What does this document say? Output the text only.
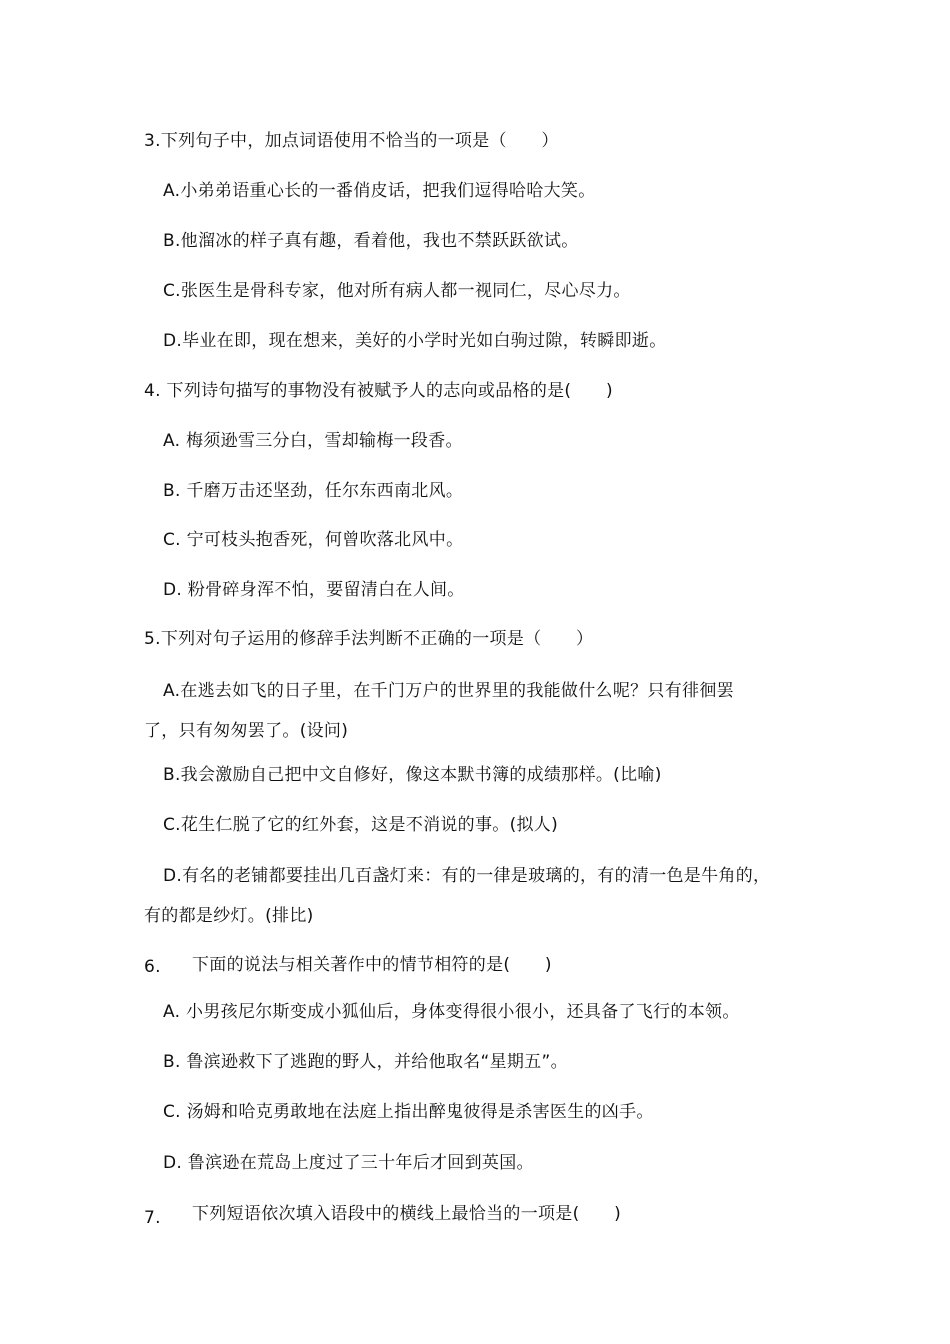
3.下列句子中，加点词语使用不恰当的一项是（　　）
A.小弟弟语重心长的一番俏皮话，把我们逗得哈哈大笑。
B.他溜冰的样子真有趣，看着他，我也不禁跃跃欲试。
C.张医生是骨科专家，他对所有病人都一视同仁，尽心尽力。
D.毕业在即，现在想来，美好的小学时光如白驹过隙，转瞬即逝。
4. 下列诗句描写的事物没有被赋予人的志向或品格的是(　　)
A. 梅须逊雪三分白，雪却输梅一段香。
B. 千磨万击还坚劲，任尔东西南北风。
C. 宁可枝头抱香死，何曾吹落北风中。
D. 粉骨碎身浑不怕，要留清白在人间。
5.下列对句子运用的修辞手法判断不正确的一项是（　　）
A.在逃去如飞的日子里，在千门万户的世界里的我能做什么呢？只有徘徊罢
了，只有匆匆罢了。(设问)
B.我会激励自己把中文自修好，像这本默书簿的成绩那样。(比喻)
C.花生仁脱了它的红外套，这是不消说的事。(拟人)
D.有名的老铺都要挂出几百盏灯来：有的一律是玻璃的，有的清一色是牛角的，
有的都是纱灯。(排比)
6. 下面的说法与相关著作中的情节相符的是(　　)
A. 小男孩尼尔斯变成小狐仙后，身体变得很小很小，还具备了飞行的本领。
B. 鲁滨逊救下了逃跑的野人，并给他取名“星期五”。
C. 汤姆和哈克勇敢地在法庭上指出醉鬼彼得是杀害医生的凶手。
D. 鲁滨逊在荒岛上度过了三十年后才回到英国。
7. 下列短语依次填入语段中的横线上最恰当的一项是(　　)
